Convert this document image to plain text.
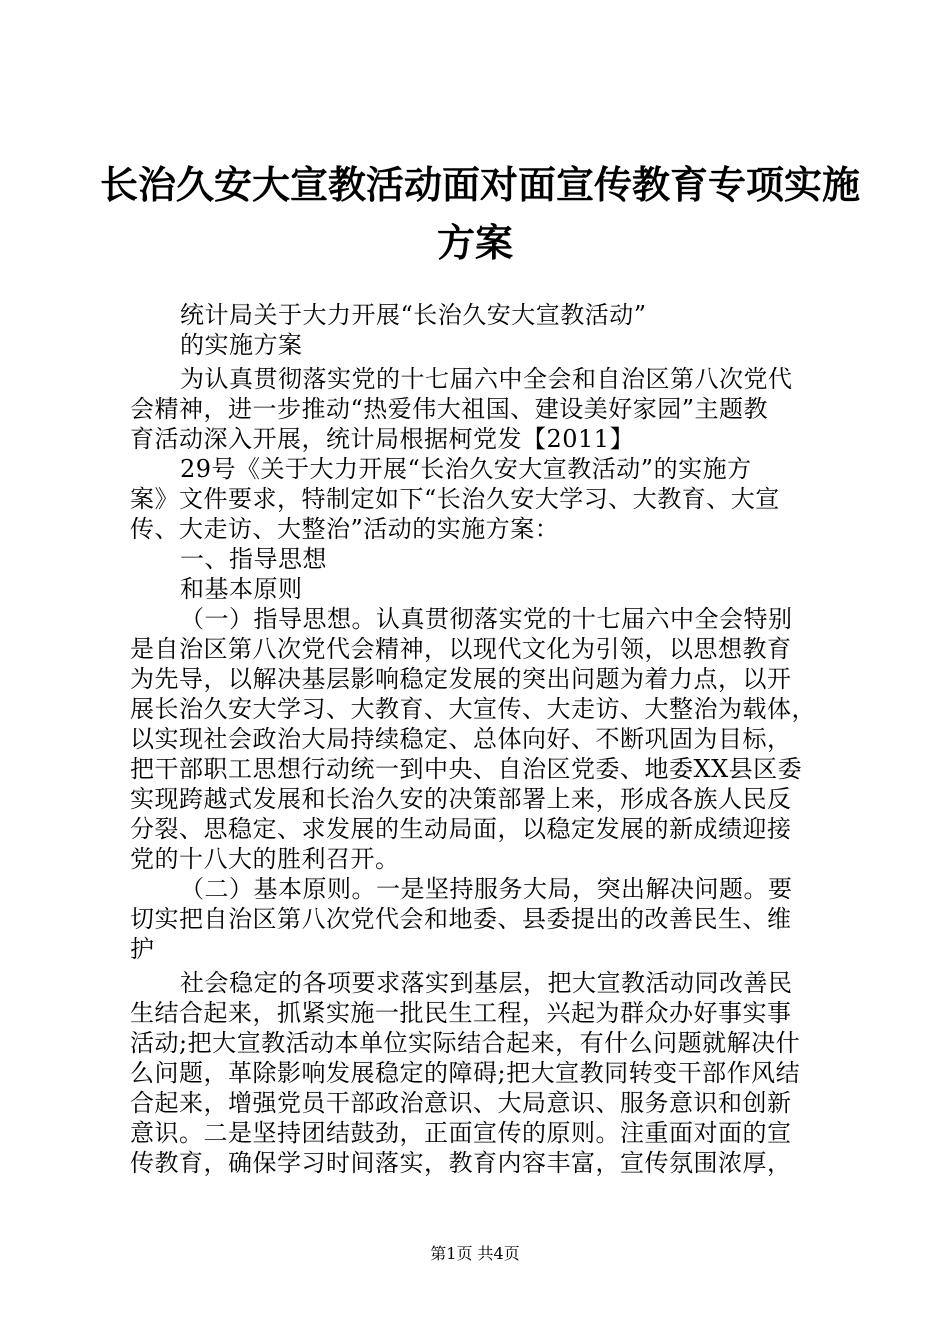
长治久安大宣教活动面对面宣传教育专项实施
方案
统计局关于大力开展“长治久安大宣教活动”
的实施方案
为认真贯彻落实党的十七届六中全会和自治区第八次党代
会精神，进一步推动“热爱伟大祖国、建设美好家园”主题教
育活动深入开展，统计局根据柯党发【2011】
29号《关于大力开展“长治久安大宣教活动”的实施方
案》文件要求，特制定如下“长治久安大学习、大教育、大宣
传、大走访、大整治”活动的实施方案：
一、指导思想
和基本原则
（一）指导思想。认真贯彻落实党的十七届六中全会特别
是自治区第八次党代会精神，以现代文化为引领，以思想教育
为先导，以解决基层影响稳定发展的突出问题为着力点，以开
展长治久安大学习、大教育、大宣传、大走访、大整治为载体，
以实现社会政治大局持续稳定、总体向好、不断巩固为目标，
把干部职工思想行动统一到中央、自治区党委、地委XX县区委
实现跨越式发展和长治久安的决策部署上来，形成各族人民反
分裂、思稳定、求发展的生动局面，以稳定发展的新成绩迎接
党的十八大的胜利召开。
（二）基本原则。一是坚持服务大局，突出解决问题。要
切实把自治区第八次党代会和地委、县委提出的改善民生、维
护
社会稳定的各项要求落实到基层，把大宣教活动同改善民
生结合起来，抓紧实施一批民生工程，兴起为群众办好事实事
活动;把大宣教活动本单位实际结合起来，有什么问题就解决什
么问题，革除影响发展稳定的障碍;把大宣教同转变干部作风结
合起来，增强党员干部政治意识、大局意识、服务意识和创新
意识。二是坚持团结鼓劲，正面宣传的原则。注重面对面的宣
传教育，确保学习时间落实，教育内容丰富，宣传氛围浓厚，
第1页 共4页
